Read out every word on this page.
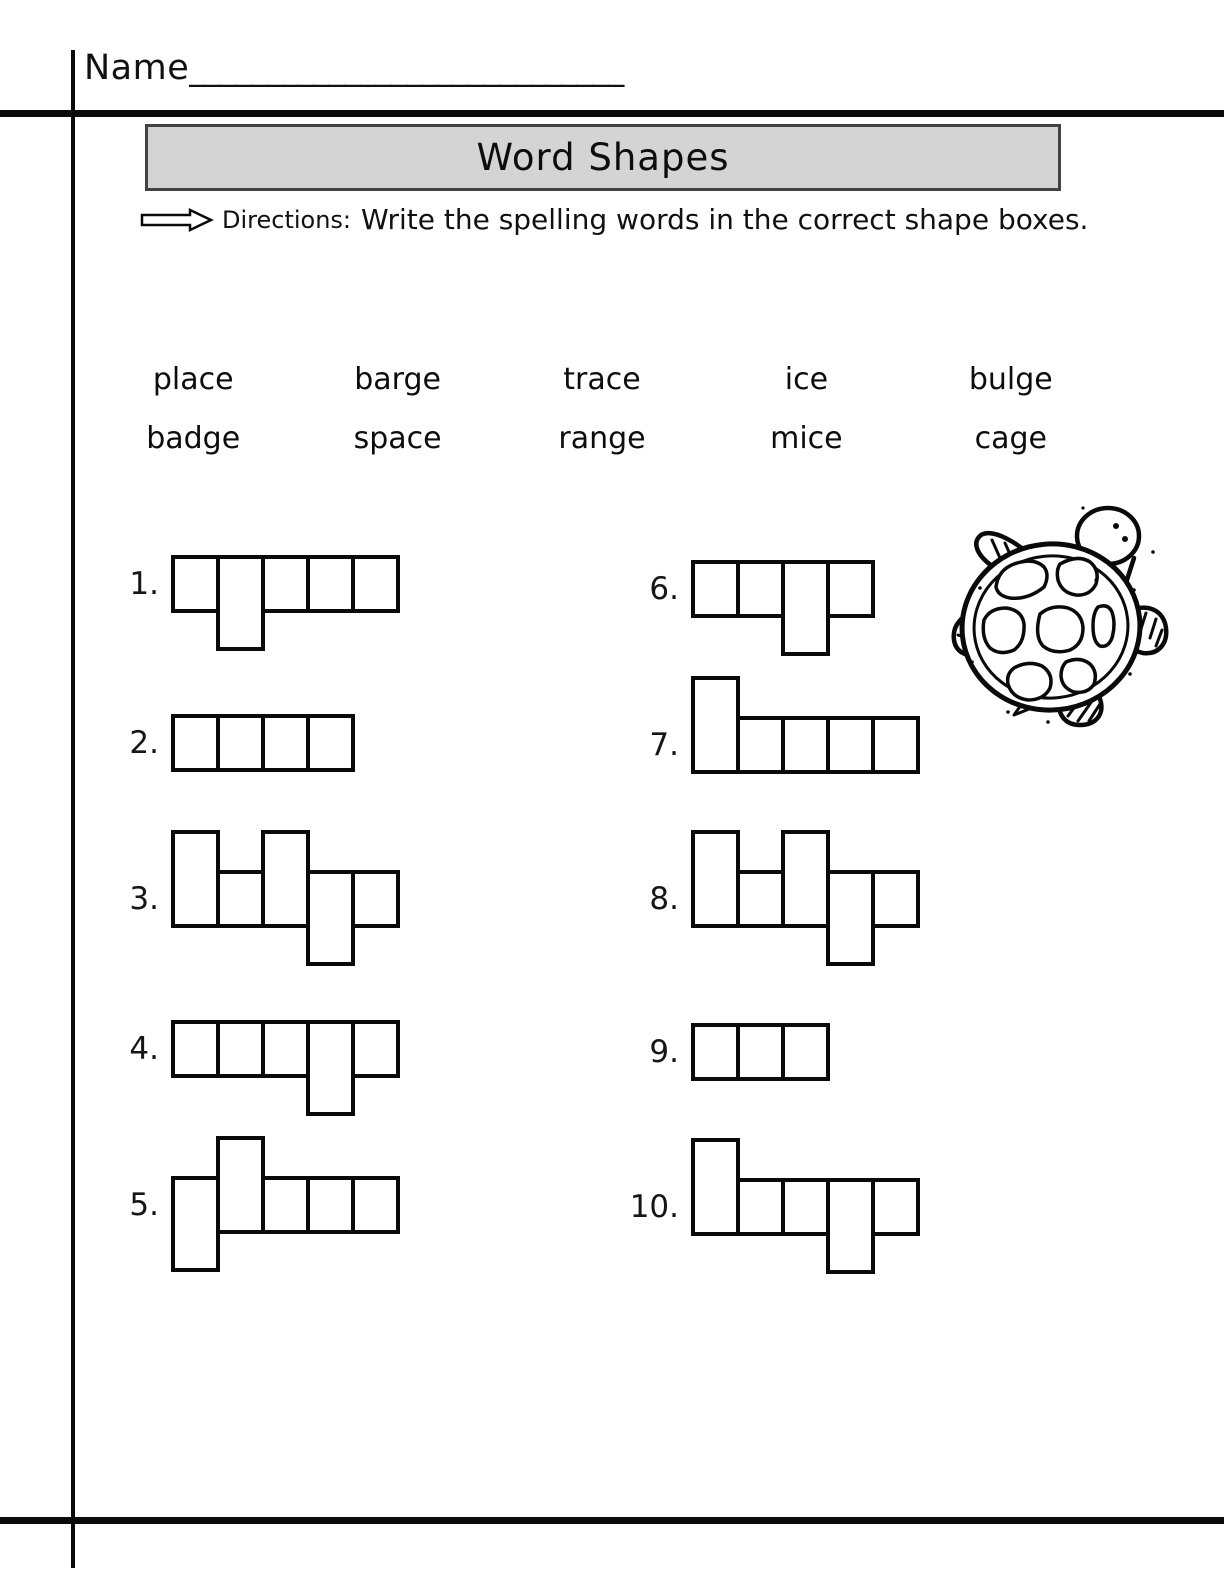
Name____________________________
Word Shapes
Directions: Write the spelling words in the correct shape boxes.
place	barge	trace	ice	bulge
badge	space	range	mice	cage
1.
2.
3.
4.
5.
6.
7.
8.
9.
10.
